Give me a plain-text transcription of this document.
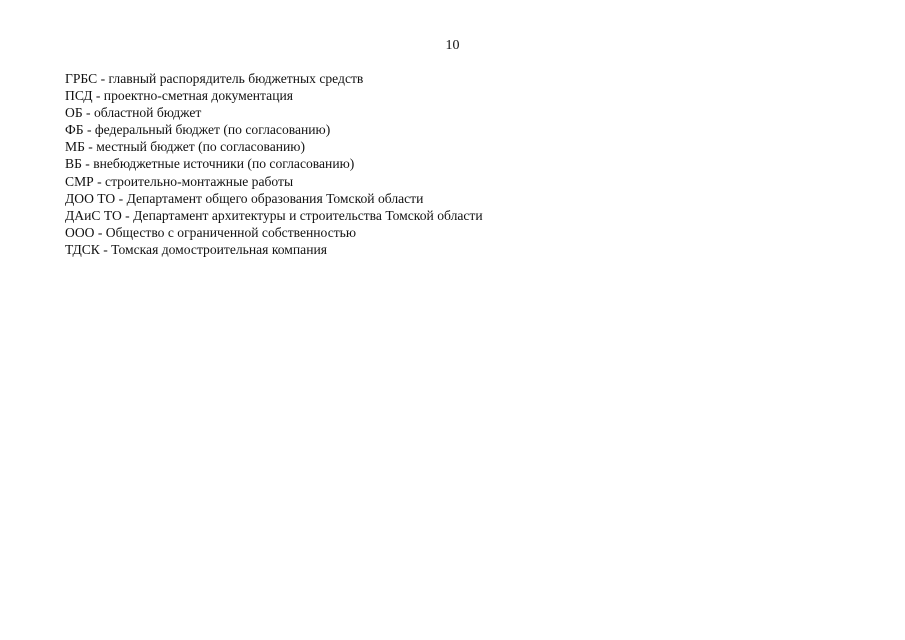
10
ГРБС - главный распорядитель бюджетных средств
ПСД - проектно-сметная документация
ОБ - областной бюджет
ФБ - федеральный бюджет (по согласованию)
МБ - местный бюджет (по согласованию)
ВБ - внебюджетные источники (по согласованию)
СМР - строительно-монтажные работы
ДОО ТО - Департамент общего образования Томской области
ДАиС ТО - Департамент архитектуры и строительства Томской области
ООО - Общество с ограниченной собственностью
ТДСК - Томская домостроительная компания
